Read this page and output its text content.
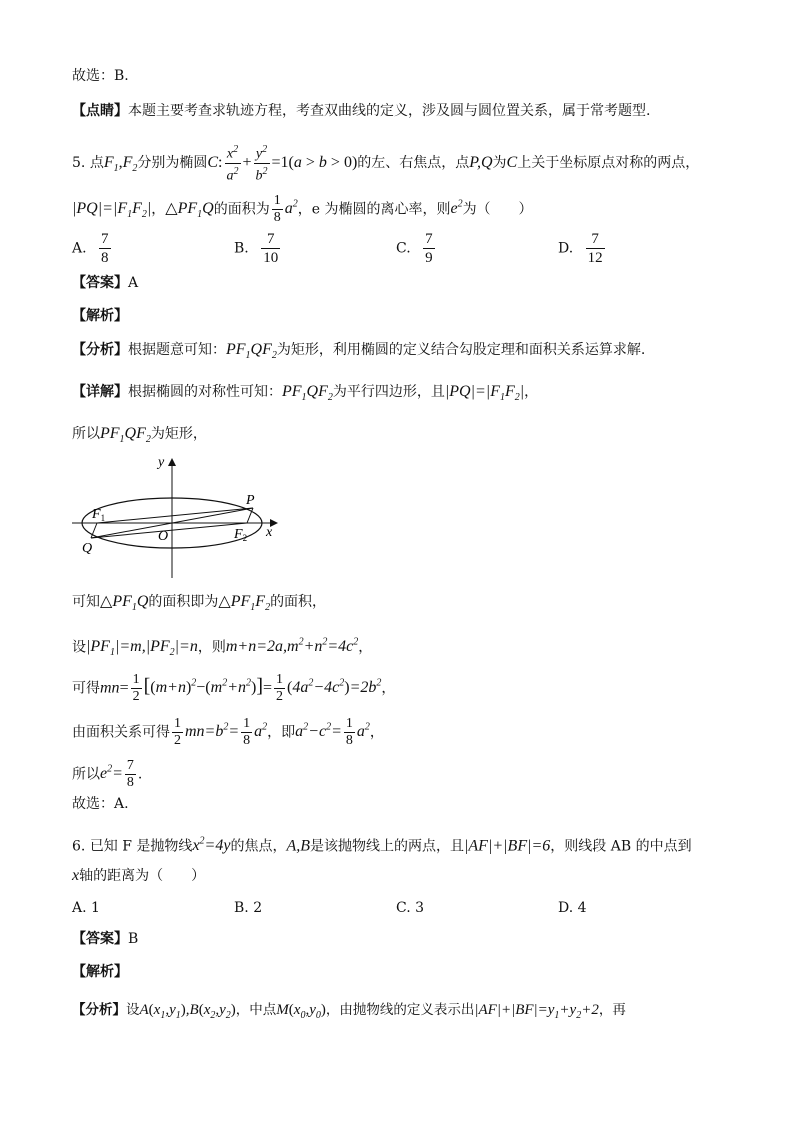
故选：B.
【点睛】本题主要考查求轨迹方程，考查双曲线的定义，涉及圆与圆位置关系，属于常考题型.
5. 点$F_1,F_2$分别为椭圆C: $\frac{x^2}{a^2} + \frac{y^2}{b^2} =1(a > b > 0)$的左、右焦点，点P,Q为C上关于坐标原点对称的两点，
$|PQ|=|F_1F_2|$，$\triangle PF_1Q$的面积为 $\frac{1}{8} a^2$，e 为椭圆的离心率，则$e^2$为（　　）
A. $\frac{7}{8}$	B. $\frac{7}{10}$	C. $\frac{7}{9}$	D. $\frac{7}{12}$
【答案】A
【解析】
【分析】根据题意可知：$PF_1QF_2$为矩形，利用椭圆的定义结合勾股定理和面积关系运算求解.
【详解】根据椭圆的对称性可知：$PF_1QF_2$为平行四边形，且$|PQ|=|F_1F_2|$，
所以$PF_1QF_2$为矩形，
y
x
P
Q
O
$F_1$
$F_2$
可知$\triangle PF_1Q$的面积即为$\triangle PF_1F_2$的面积，
设$|PF_1|=m,|PF_2|=n$，则$m+n=2a,m^2+n^2=4c^2$，
可得$mn= \frac{1}{2} [(m+n)^2-(m^2+n^2)]= \frac{1}{2} (4a^2-4c^2)=2b^2$，
由面积关系可得 $\frac{1}{2} mn=b^2= \frac{1}{8} a^2$，即$a^2-c^2= \frac{1}{8} a^2$，
所以$e^2= \frac{7}{8}$ .
故选：A.
6. 已知 F 是抛物线$x^2=4y$的焦点，A,B是该抛物线上的两点，且|AF|+|BF|=6，则线段 AB 的中点到
x轴的距离为（　　）
A. 1	B. 2	C. 3	D. 4
【答案】B
【解析】
【分析】设$A(x_1,y_1),B(x_2,y_2)$，中点$M(x_0,y_0)$，由抛物线的定义表示出$|AF|+|BF|=y_1+y_2+2$，再
